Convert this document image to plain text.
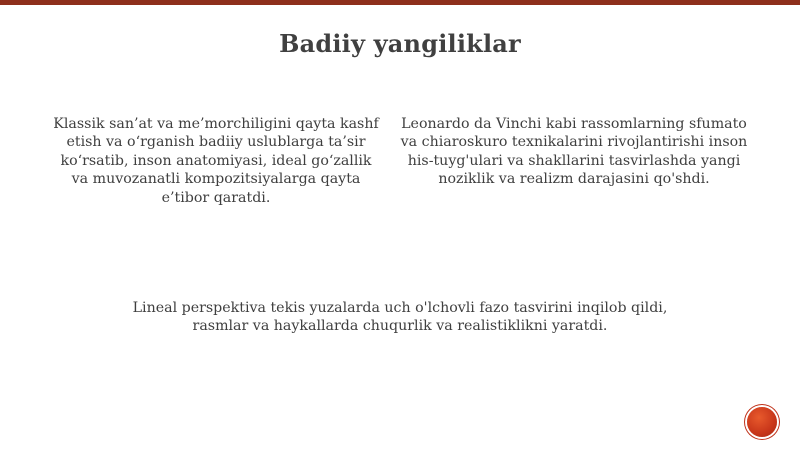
Badiiy yangiliklar
Klassik san’at va me’morchiligini qayta kashf etish va o‘rganish badiiy uslublarga ta’sir ko‘rsatib, inson anatomiyasi, ideal go‘zallik va muvozanatli kompozitsiyalarga qayta e’tibor qaratdi.
Leonardo da Vinchi kabi rassomlarning sfumato va chiaroskuro texnikalarini rivojlantirishi inson his-tuyg'ulari va shakllarini tasvirlashda yangi noziklik va realizm darajasini qo'shdi.
Lineal perspektiva tekis yuzalarda uch o'lchovli fazo tasvirini inqilob qildi, rasmlar va haykallarda chuqurlik va realistiklikni yaratdi.
